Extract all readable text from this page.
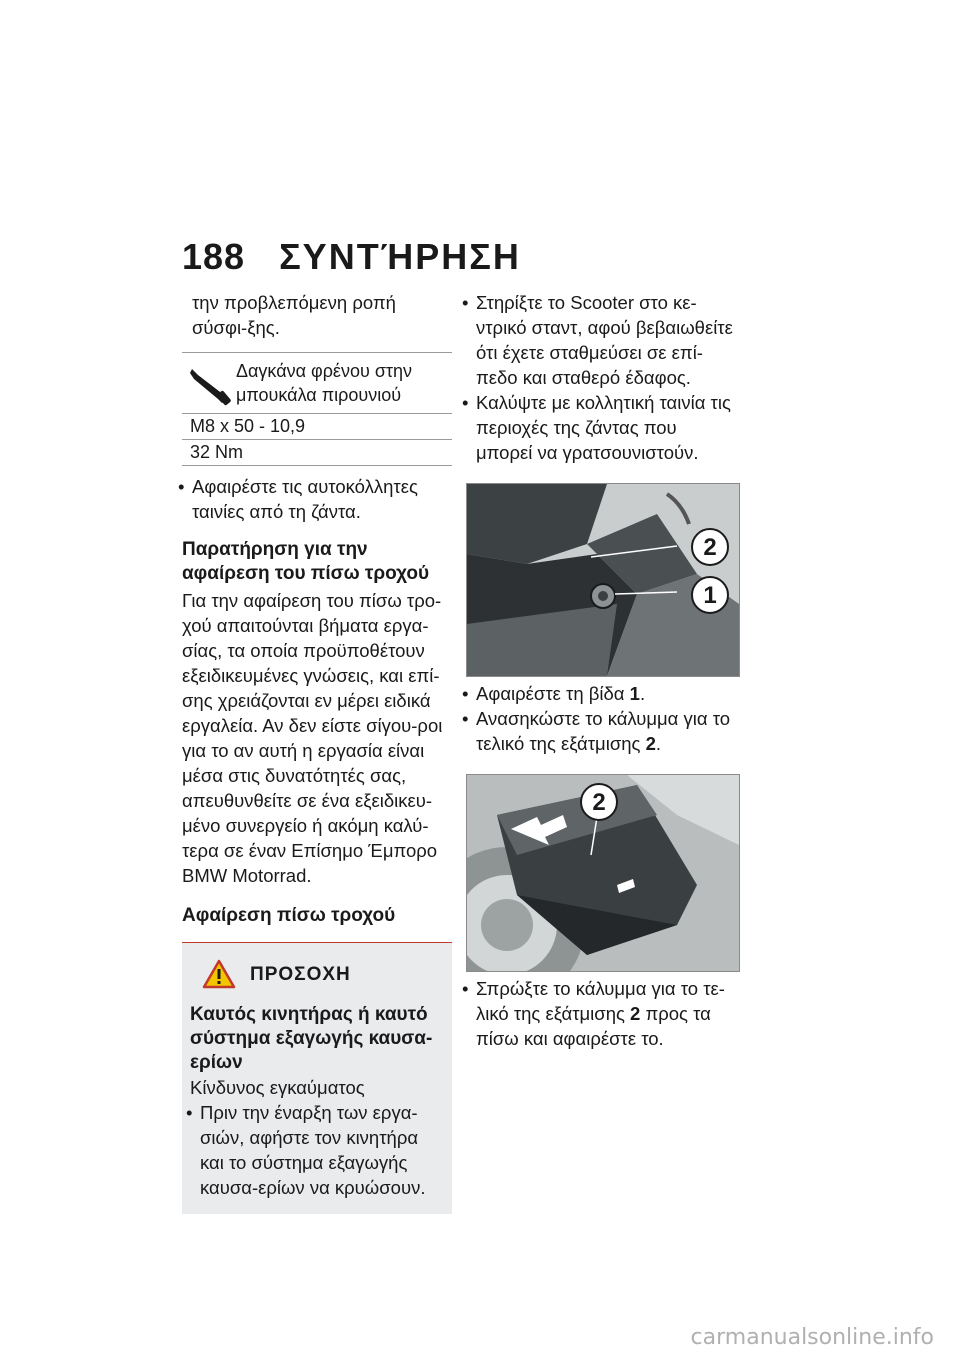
188 ΣΥΝΤΉΡΗΣΗ

την προβλεπόμενη ροπή σύσφι-ξης.

Δαγκάνα φρένου στην μπουκάλα πιρουνιού
M8 x 50 - 10,9
32 Nm
• Αφαιρέστε τις αυτοκόλλητες ταινίες από τη ζάντα.
Παρατήρηση για την αφαίρεση του πίσω τροχού

Για την αφαίρεση του πίσω τρο-χού απαιτούνται βήματα εργα-σίας, τα οποία προϋποθέτουν εξειδικευμένες γνώσεις, και επί-σης χρειάζονται εν μέρει ειδικά εργαλεία. Αν δεν είστε σίγου-ροι για το αν αυτή η εργασία είναι μέσα στις δυνατότητές σας, απευθυνθείτε σε ένα εξειδικευ-μένο συνεργείο ή ακόμη καλύ-τερα σε έναν Επίσημο Έμπορο BMW Motorrad.

Αφαίρεση πίσω τροχού
ΠΡΟΣΟΧΗ
Καυτός κινητήρας ή καυτό σύστημα εξαγωγής καυσα-ερίων
Κίνδυνος εγκαύματος
• Πριν την έναρξη των εργα-σιών, αφήστε τον κινητήρα και το σύστημα εξαγωγής καυσα-ερίων να κρυώσουν.
• Στηρίξτε το Scooter στο κε-ντρικό σταντ, αφού βεβαιωθείτε ότι έχετε σταθμεύσει σε επί-πεδο και σταθερό έδαφος.
• Καλύψτε με κολλητική ταινία τις περιοχές της ζάντας που μπορεί να γρατσουνιστούν.
2
1
• Αφαιρέστε τη βίδα 1.
• Ανασηκώστε το κάλυμμα για το τελικό της εξάτμισης 2.
2
• Σπρώξτε το κάλυμμα για το τε-λικό της εξάτμισης 2 προς τα πίσω και αφαιρέστε το.
carmanualsonline.info
